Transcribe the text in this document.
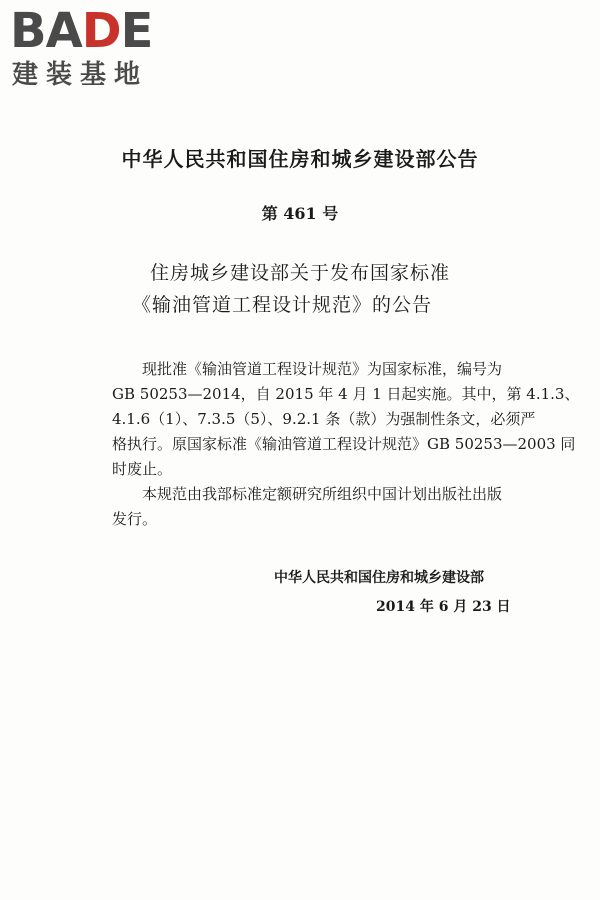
BADE
建装基地
中华人民共和国住房和城乡建设部公告
第 461 号
住房城乡建设部关于发布国家标准
《输油管道工程设计规范》的公告
现批准《输油管道工程设计规范》为国家标准，编号为
GB 50253—2014，自 2015 年 4 月 1 日起实施。其中，第 4.1.3、
4.1.6（1）、7.3.5（5）、9.2.1 条（款）为强制性条文，必须严
格执行。原国家标准《输油管道工程设计规范》GB 50253—2003 同
时废止。
本规范由我部标准定额研究所组织中国计划出版社出版
发行。
中华人民共和国住房和城乡建设部
2014 年 6 月 23 日
